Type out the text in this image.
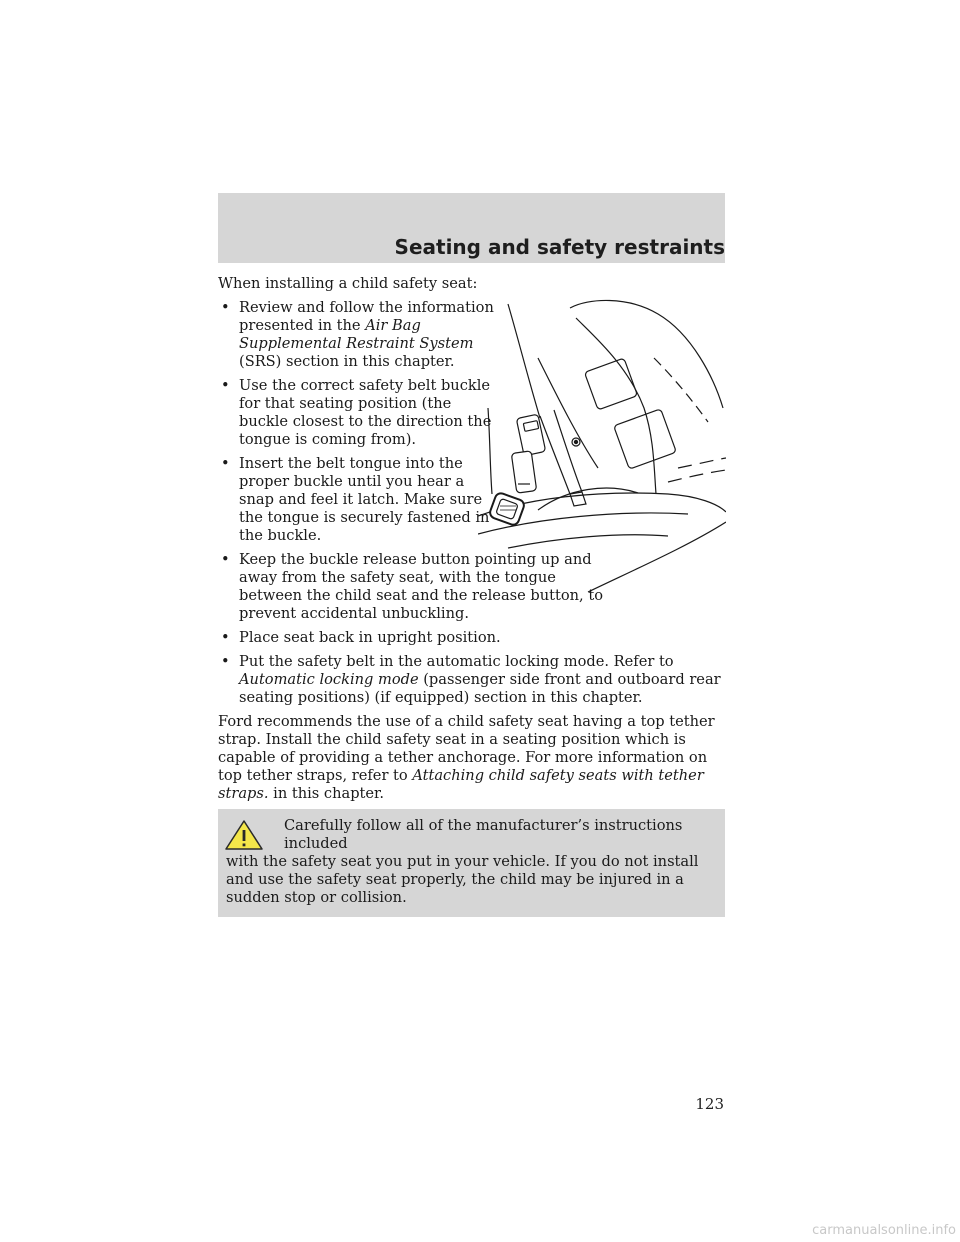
Seating and safety restraints

When installing a child safety seat:

• Review and follow the information presented in the Air Bag Supplemental Restraint System (SRS) section in this chapter.
• Use the correct safety belt buckle for that seating position (the buckle closest to the direction the tongue is coming from).
• Insert the belt tongue into the proper buckle until you hear a snap and feel it latch. Make sure the tongue is securely fastened in the buckle.
• Keep the buckle release button pointing up and away from the safety seat, with the tongue between the child seat and the release button, to prevent accidental unbuckling.
• Place seat back in upright position.
• Put the safety belt in the automatic locking mode. Refer to Automatic locking mode (passenger side front and outboard rear seating positions) (if equipped) section in this chapter.

Ford recommends the use of a child safety seat having a top tether strap. Install the child safety seat in a seating position which is capable of providing a tether anchorage. For more information on top tether straps, refer to Attaching child safety seats with tether straps. in this chapter.

Carefully follow all of the manufacturer’s instructions included
with the safety seat you put in your vehicle. If you do not install and use the safety seat properly, the child may be injured in a sudden stop or collision.
123
carmanualsonline.info
